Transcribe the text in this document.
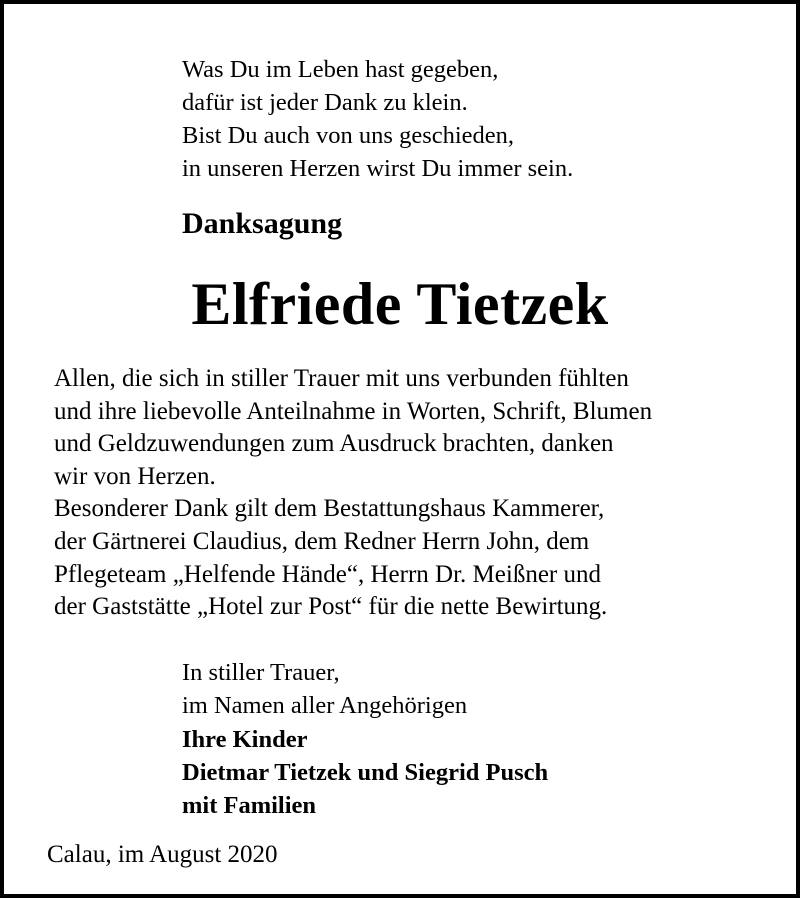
Was Du im Leben hast gegeben,
dafür ist jeder Dank zu klein.
Bist Du auch von uns geschieden,
in unseren Herzen wirst Du immer sein.
Danksagung
Elfriede Tietzek
Allen, die sich in stiller Trauer mit uns verbunden fühlten
und ihre liebevolle Anteilnahme in Worten, Schrift, Blumen
und Geldzuwendungen zum Ausdruck brachten, danken
wir von Herzen.
Besonderer Dank gilt dem Bestattungshaus Kammerer,
der Gärtnerei Claudius, dem Redner Herrn John, dem
Pflegeteam „Helfende Hände“, Herrn Dr. Meißner und
der Gaststätte „Hotel zur Post“ für die nette Bewirtung.
In stiller Trauer,
im Namen aller Angehörigen
Ihre Kinder
Dietmar Tietzek und Siegrid Pusch
mit Familien
Calau, im August 2020
